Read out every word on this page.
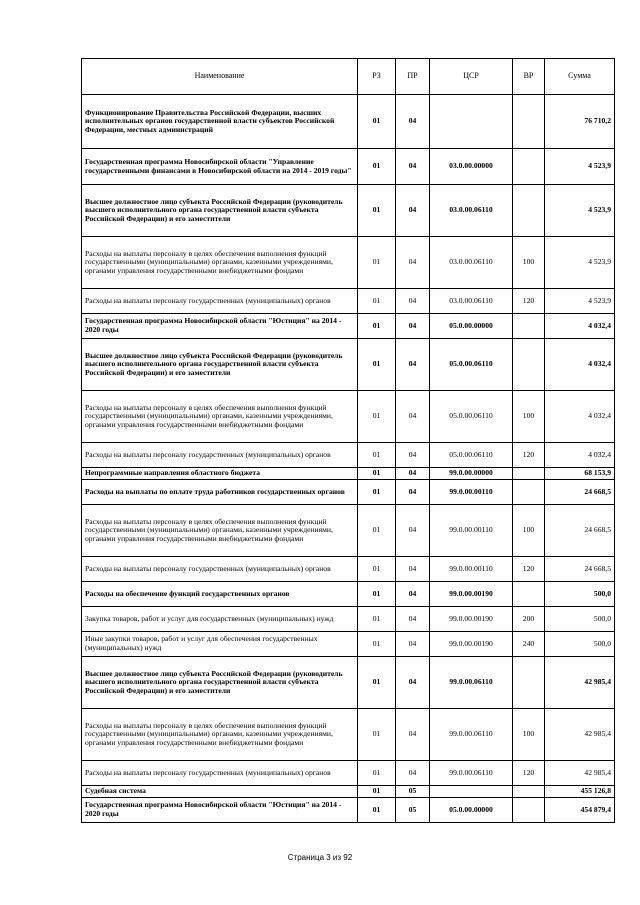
Наименование	РЗ	ПР	ЦСР	ВР	Сумма
Функционирование Правительства Российской Федерации, высших исполнительных органов государственной власти субъектов Российской Федерации, местных администраций	01	04			76 710,2
Государственная программа Новосибирской области "Управление государственными финансами в Новосибирской области на 2014 - 2019 годы"	01	04	03.0.00.00000		4 523,9
Высшее должностное лицо субъекта Российской Федерации (руководитель высшего исполнительного органа государственной власти субъекта Российской Федерации) и его заместители	01	04	03.0.00.06110		4 523,9
Расходы на выплаты персоналу в целях обеспечения выполнения функций государственными (муниципальными) органами, казенными учреждениями, органами управления государственными внебюджетными фондами	01	04	03.0.00.06110	100	4 523,9
Расходы на выплаты персоналу государственных (муниципальных) органов	01	04	03.0.00.06110	120	4 523,9
Государственная программа Новосибирской области "Юстиция" на 2014 - 2020 годы	01	04	05.0.00.00000		4 032,4
Высшее должностное лицо субъекта Российской Федерации (руководитель высшего исполнительного органа государственной власти субъекта Российской Федерации) и его заместители	01	04	05.0.00.06110		4 032,4
Расходы на выплаты персоналу в целях обеспечения выполнения функций государственными (муниципальными) органами, казенными учреждениями, органами управления государственными внебюджетными фондами	01	04	05.0.00.06110	100	4 032,4
Расходы на выплаты персоналу государственных (муниципальных) органов	01	04	05.0.00.06110	120	4 032,4
Непрограммные направления областного бюджета	01	04	99.0.00.00000		68 153,9
Расходы на выплаты по оплате труда работников государственных органов	01	04	99.0.00.00110		24 668,5
Расходы на выплаты персоналу в целях обеспечения выполнения функций государственными (муниципальными) органами, казенными учреждениями, органами управления государственными внебюджетными фондами	01	04	99.0.00.00110	100	24 668,5
Расходы на выплаты персоналу государственных (муниципальных) органов	01	04	99.0.00.00110	120	24 668,5
Расходы на обеспечение функций государственных органов	01	04	99.0.00.00190		500,0
Закупка товаров, работ и услуг для государственных (муниципальных) нужд	01	04	99.0.00.00190	200	500,0
Иные закупки товаров, работ и услуг для обеспечения государственных (муниципальных) нужд	01	04	99.0.00.00190	240	500,0
Высшее должностное лицо субъекта Российской Федерации (руководитель высшего исполнительного органа государственной власти субъекта Российской Федерации) и его заместители	01	04	99.0.00.06110		42 985,4
Расходы на выплаты персоналу в целях обеспечения выполнения функций государственными (муниципальными) органами, казенными учреждениями, органами управления государственными внебюджетными фондами	01	04	99.0.00.06110	100	42 985,4
Расходы на выплаты персоналу государственных (муниципальных) органов	01	04	99.0.00.06110	120	42 985,4
Судебная система	01	05			455 126,8
Государственная программа Новосибирской области "Юстиция" на 2014 - 2020 годы	01	05	05.0.00.00000		454 879,4
Страница 3 из 92
